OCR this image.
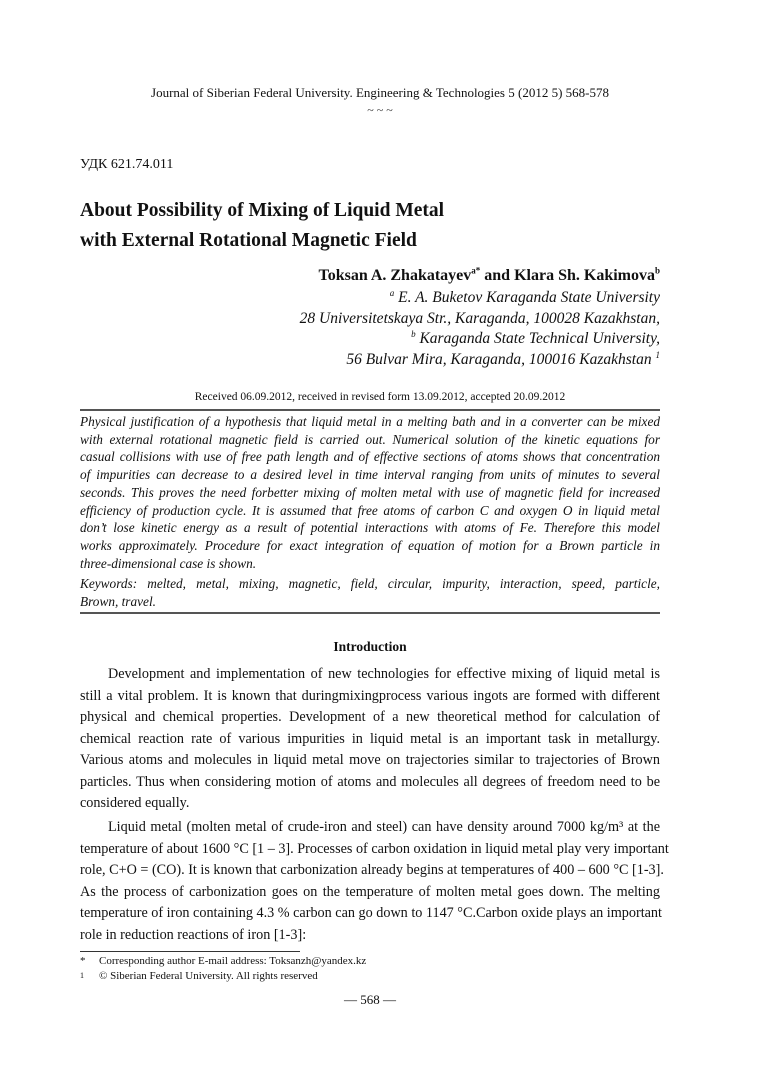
Journal of Siberian Federal University. Engineering & Technologies 5 (2012 5) 568-578
~ ~ ~
УДК 621.74.011
About Possibility of Mixing of Liquid Metal
with External Rotational Magnetic Field
Toksan A. Zhakatayev$^{a*}$ and Klara Sh. Kakimova$^b$
$^a$ E. A. Buketov Karaganda State University
28 Universitetskaya Str., Karaganda, 100028 Kazakhstan,
$^b$ Karaganda State Technical University,
56 Bulvar Mira, Karaganda, 100016 Kazakhstan $^1$
Received 06.09.2012, received in revised form 13.09.2012, accepted 20.09.2012
Physical justification of a hypothesis that liquid metal in a melting bath and in a converter can be mixed
with external rotational magnetic field is carried out. Numerical solution of the kinetic equations for
casual collisions with use of free path length and of effective sections of atoms shows that concentration
of impurities can decrease to a desired level in time interval ranging from units of minutes to several
seconds. This proves the need forbetter mixing of molten metal with use of magnetic field for increased
efficiency of production cycle. It is assumed that free atoms of carbon C and oxygen O in liquid metal
don’t lose kinetic energy as a result of potential interactions with atoms of Fe. Therefore this model
works approximately. Procedure for exact integration of equation of motion for a Brown particle in
three-dimensional case is shown.
Keywords: melted, metal, mixing, magnetic, field, circular, impurity, interaction, speed, particle,
Brown, travel.
Introduction
Development and implementation of new technologies for effective mixing of liquid metal is
still a vital problem. It is known that duringmixingprocess various ingots are formed with different
physical and chemical properties. Development of a new theoretical method for calculation of
chemical reaction rate of various impurities in liquid metal is an important task in metallurgy.
Various atoms and molecules in liquid metal move on trajectories similar to trajectories of Brown
particles. Thus when considering motion of atoms and molecules all degrees of freedom need to be
considered equally.
Liquid metal (molten metal of crude-iron and steel) can have density around 7000 kg/m³ at the
temperature of about 1600 °C [1 – 3]. Processes of carbon oxidation in liquid metal play very important
role, C+O = (CO). It is known that carbonization already begins at temperatures of 400 – 600 °C [1-3].
As the process of carbonization goes on the temperature of molten metal goes down. The melting
temperature of iron containing 4.3 % carbon can go down to 1147 °C.Carbon oxide plays an important
role in reduction reactions of iron [1-3]:
* Corresponding author E-mail address: Toksanzh@yandex.kz
1 © Siberian Federal University. All rights reserved
— 568 —
